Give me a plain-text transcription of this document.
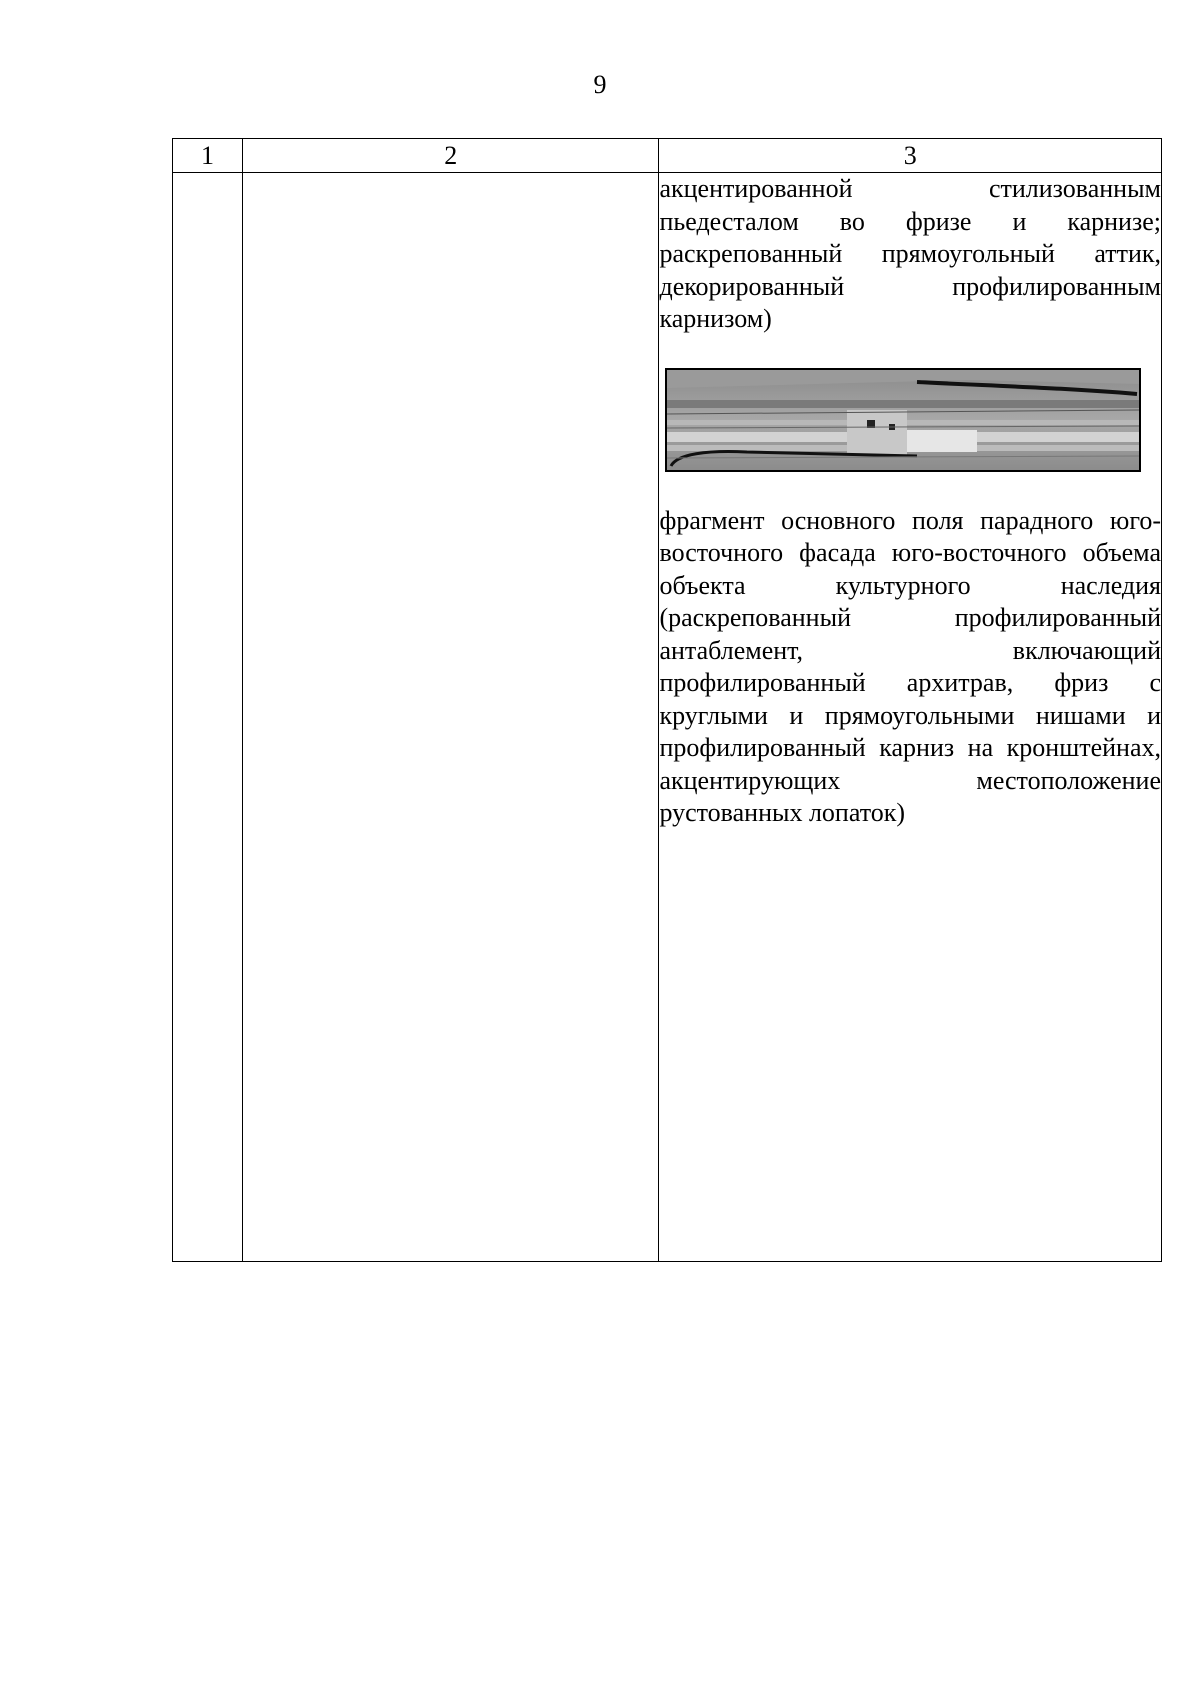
9
1	2	3

		акцентированной стилизованным пьедесталом во фризе и карнизе; раскрепованный прямоугольный аттик, декорированный профилированным карнизом)

фрагмент основного поля парадного юго-восточного фасада юго-восточного объема объекта культурного наследия (раскрепованный профилированный антаблемент, включающий профилированный архитрав, фриз с круглыми и прямоугольными нишами и профилированный карниз на кронштейнах, акцентирующих местоположение рустованных лопаток)
